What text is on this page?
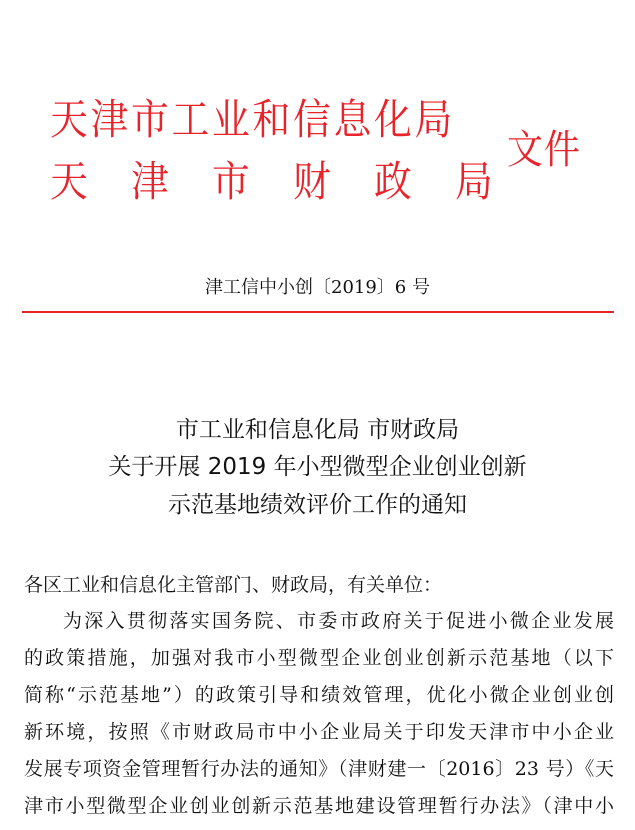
天津市工业和信息化局
天津市财政局
文件
津工信中小创〔2019〕6 号
市工业和信息化局 市财政局
关于开展 2019 年小型微型企业创业创新
示范基地绩效评价工作的通知
各区工业和信息化主管部门、财政局，有关单位：
为深入贯彻落实国务院、市委市政府关于促进小微企业发展
的政策措施，加强对我市小型微型企业创业创新示范基地（以下
简称“示范基地”）的政策引导和绩效管理，优化小微企业创业创
新环境，按照《市财政局市中小企业局关于印发天津市中小企业
发展专项资金管理暂行办法的通知》（津财建一〔2016〕23 号）《天
津市小型微型企业创业创新示范基地建设管理暂行办法》（津中小
